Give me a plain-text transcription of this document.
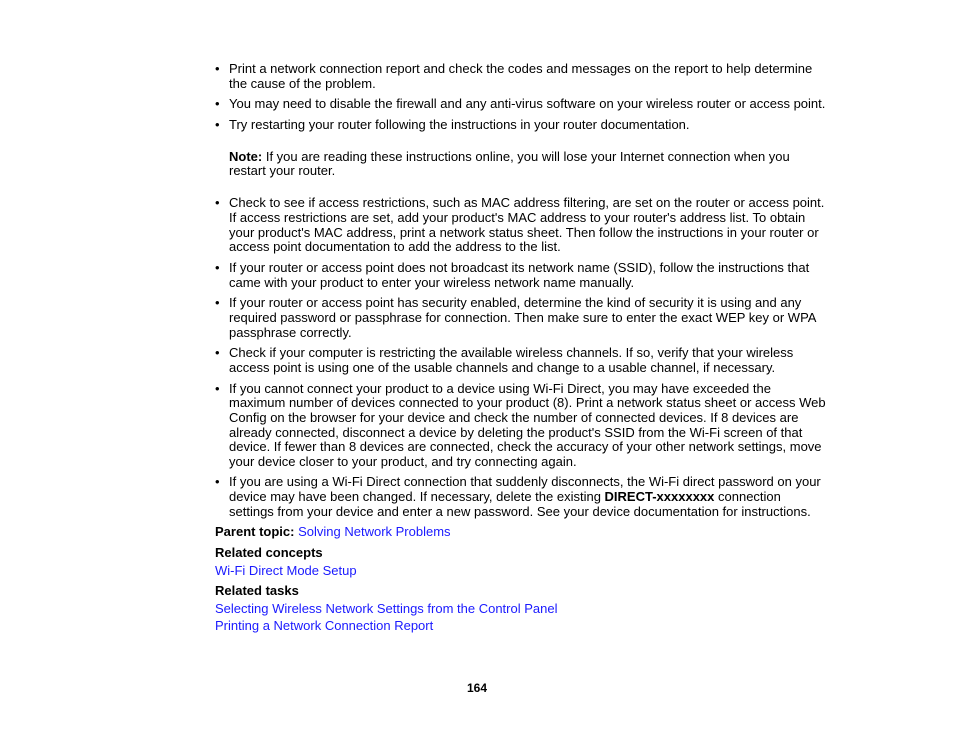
• Print a network connection report and check the codes and messages on the report to help determine the cause of the problem.
• You may need to disable the firewall and any anti-virus software on your wireless router or access point.
• Try restarting your router following the instructions in your router documentation.
Note: If you are reading these instructions online, you will lose your Internet connection when you restart your router.
• Check to see if access restrictions, such as MAC address filtering, are set on the router or access point. If access restrictions are set, add your product's MAC address to your router's address list. To obtain your product's MAC address, print a network status sheet. Then follow the instructions in your router or access point documentation to add the address to the list.
• If your router or access point does not broadcast its network name (SSID), follow the instructions that came with your product to enter your wireless network name manually.
• If your router or access point has security enabled, determine the kind of security it is using and any required password or passphrase for connection. Then make sure to enter the exact WEP key or WPA passphrase correctly.
• Check if your computer is restricting the available wireless channels. If so, verify that your wireless access point is using one of the usable channels and change to a usable channel, if necessary.
• If you cannot connect your product to a device using Wi-Fi Direct, you may have exceeded the maximum number of devices connected to your product (8). Print a network status sheet or access Web Config on the browser for your device and check the number of connected devices. If 8 devices are already connected, disconnect a device by deleting the product's SSID from the Wi-Fi screen of that device. If fewer than 8 devices are connected, check the accuracy of your other network settings, move your device closer to your product, and try connecting again.
• If you are using a Wi-Fi Direct connection that suddenly disconnects, the Wi-Fi direct password on your device may have been changed. If necessary, delete the existing DIRECT-xxxxxxxx connection settings from your device and enter a new password. See your device documentation for instructions.
Parent topic: Solving Network Problems
Related concepts
Wi-Fi Direct Mode Setup
Related tasks
Selecting Wireless Network Settings from the Control Panel
Printing a Network Connection Report
164
